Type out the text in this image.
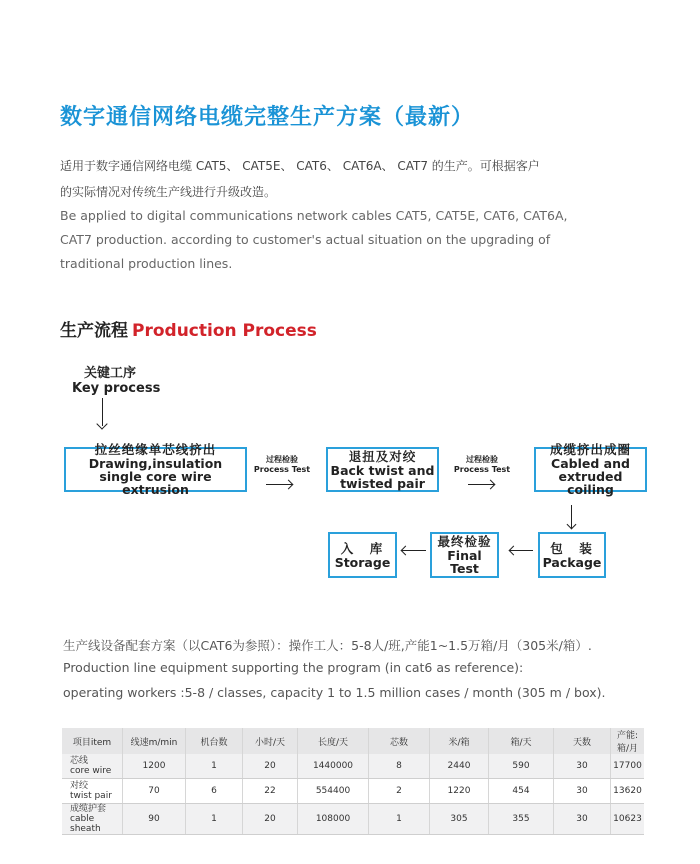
数字通信网络电缆完整生产方案（最新）
适用于数字通信网络电缆 CAT5、 CAT5E、 CAT6、 CAT6A、 CAT7 的生产。可根据客户
的实际情况对传统生产线进行升级改造。
Be applied to digital communications network cables CAT5, CAT5E, CAT6, CAT6A,
CAT7 production. according to customer's actual situation on the upgrading of
traditional production lines.
生产流程 Production Process
关键工序
Key process
拉丝绝缘单芯线挤出
Drawing,insulation
single core wire extrusion
过程检验
Process Test
退扭及对绞
Back twist and
twisted pair
过程检验
Process Test
成缆挤出成圈
Cabled and
extruded coiling
包　装
Package
最终检验
Final Test
入　库
Storage
生产线设备配套方案（以CAT6为参照）：操作工人：5-8人/班,产能1~1.5万箱/月（305米/箱）.
Production line equipment supporting the program (in cat6 as reference):
operating workers :5-8 / classes, capacity 1 to 1.5 million cases / month (305 m / box).
项目item	线速m/min	机台数	小时/天	长度/天	芯数	米/箱	箱/天	天数	产能:箱/月

芯线
core wire	1200	1	20	1440000	8	2440	590	30	17700

对绞
twist pair	70	6	22	554400	2	1220	454	30	13620

成缆护套
cable sheath	90	1	20	108000	1	305	355	30	10623
